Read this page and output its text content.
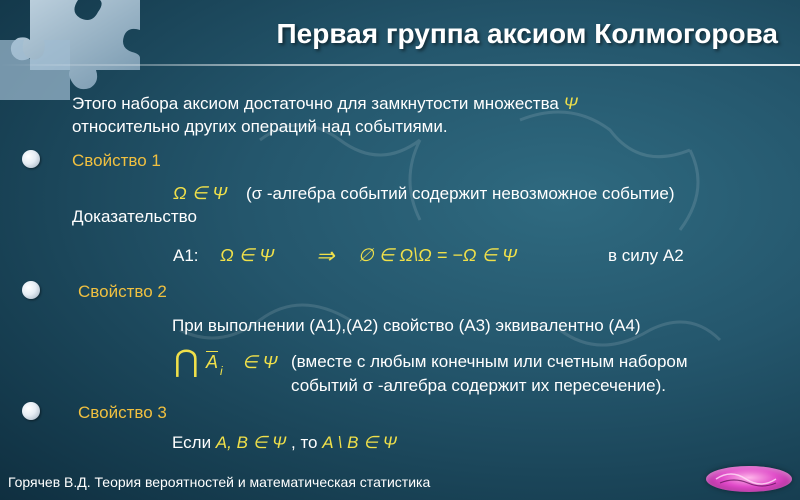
Первая группа аксиом Колмогорова
Этого набора аксиом достаточно для замкнутости множества Ψ
относительно других операций над событиями.
Свойство 1
Ω ∈ Ψ (σ -алгебра событий содержит невозможное событие)
Доказательство
А1: Ω ∈ Ψ ⇒ ∅ ∈ Ω\Ω = −Ω ∈ Ψ	в силу А2
Свойство 2
При выполнении (А1),(А2) свойство (А3) эквивалентно (А4)
⋂ $\overline{A}$ i ∈ Ψ (вместе с любым конечным или счетным набором
событий σ -алгебра содержит их пересечение).
Свойство 3
Если A, B ∈ Ψ , то A \ B ∈ Ψ
Горячев В.Д. Теория вероятностей и математическая статистика
